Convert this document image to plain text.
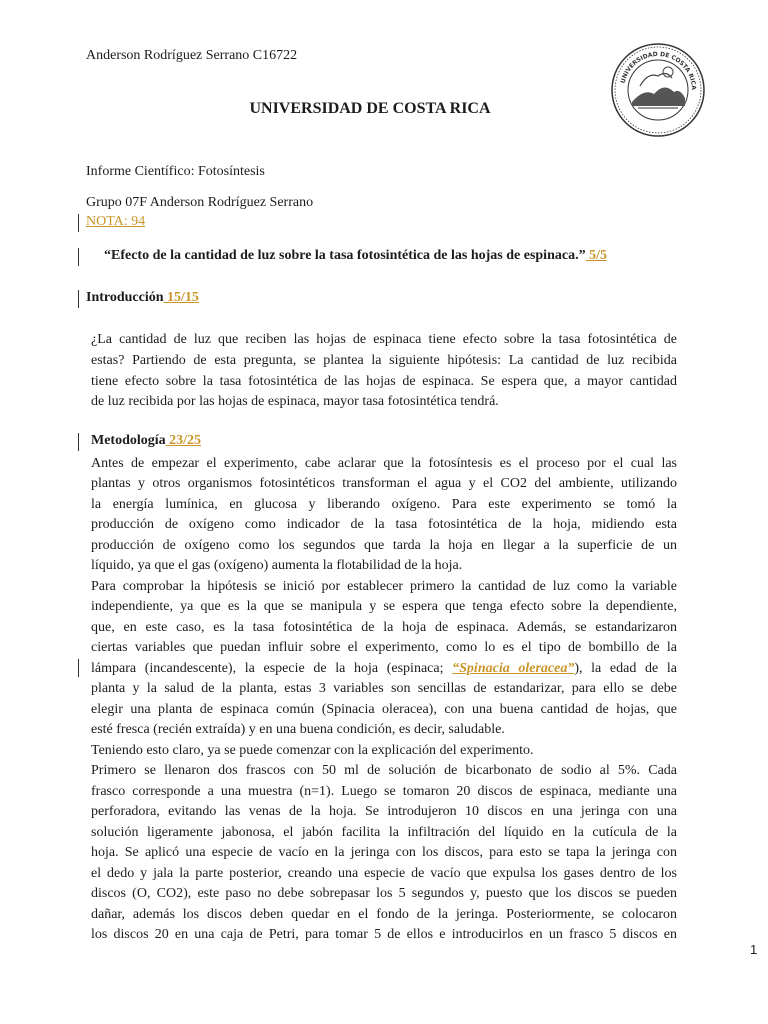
Anderson Rodríguez Serrano C16722
UNIVERSIDAD DE COSTA RICA
UNIVERSIDAD DE COSTA RICA
Informe Científico: Fotosíntesis
Grupo 07F Anderson Rodríguez Serrano
NOTA: 94
“Efecto de la cantidad de luz sobre la tasa fotosintética de las hojas de espinaca.” 5/5
Introducción 15/15
¿La cantidad de luz que reciben las hojas de espinaca tiene efecto sobre la tasa fotosintética de
estas? Partiendo de esta pregunta, se plantea la siguiente hipótesis: La cantidad de luz recibida
tiene efecto sobre la tasa fotosintética de las hojas de espinaca. Se espera que, a mayor cantidad
de luz recibida por las hojas de espinaca, mayor tasa fotosintética tendrá.
Metodología 23/25
Antes de empezar el experimento, cabe aclarar que la fotosíntesis es el proceso por el cual las
plantas y otros organismos fotosintéticos transforman el agua y el CO2 del ambiente, utilizando
la energía lumínica, en glucosa y liberando oxígeno. Para este experimento se tomó la
producción de oxígeno como indicador de la tasa fotosintética de la hoja, midiendo esta
producción de oxígeno como los segundos que tarda la hoja en llegar a la superficie de un
líquido, ya que el gas (oxígeno) aumenta la flotabilidad de la hoja.
Para comprobar la hipótesis se inició por establecer primero la cantidad de luz como la variable
independiente, ya que es la que se manipula y se espera que tenga efecto sobre la dependiente,
que, en este caso, es la tasa fotosintética de la hoja de espinaca. Además, se estandarizaron
ciertas variables que puedan influir sobre el experimento, como lo es el tipo de bombillo de la
lámpara (incandescente), la especie de la hoja (espinaca; “Spinacia oleracea”), la edad de la
planta y la salud de la planta, estas 3 variables son sencillas de estandarizar, para ello se debe
elegir una planta de espinaca común (Spinacia oleracea), con una buena cantidad de hojas, que
esté fresca (recién extraída) y en una buena condición, es decir, saludable.
Teniendo esto claro, ya se puede comenzar con la explicación del experimento.
Primero se llenaron dos frascos con 50 ml de solución de bicarbonato de sodio al 5%. Cada
frasco corresponde a una muestra (n=1). Luego se tomaron 20 discos de espinaca, mediante una
perforadora, evitando las venas de la hoja. Se introdujeron 10 discos en una jeringa con una
solución ligeramente jabonosa, el jabón facilita la infiltración del líquido en la cutícula de la
hoja. Se aplicó una especie de vacío en la jeringa con los discos, para esto se tapa la jeringa con
el dedo y jala la parte posterior, creando una especie de vacío que expulsa los gases dentro de los
discos (O, CO2), este paso no debe sobrepasar los 5 segundos y, puesto que los discos se pueden
dañar, además los discos deben quedar en el fondo de la jeringa. Posteriormente, se colocaron
los discos 20 en una caja de Petri, para tomar 5 de ellos e introducirlos en un frasco 5 discos en
1
